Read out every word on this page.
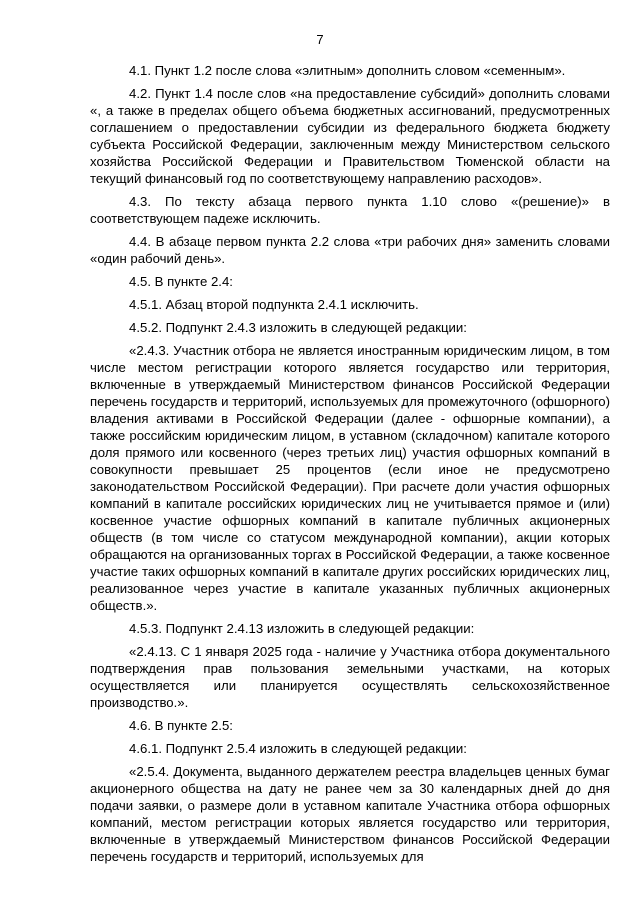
7

4.1. Пункт 1.2 после слова «элитным» дополнить словом «семенным».

4.2. Пункт 1.4 после слов «на предоставление субсидий» дополнить словами «, а также в пределах общего объема бюджетных ассигнований, предусмотренных соглашением о предоставлении субсидии из федерального бюджета бюджету субъекта Российской Федерации, заключенным между Министерством сельского хозяйства Российской Федерации и Правительством Тюменской области на текущий финансовый год по соответствующему направлению расходов».

4.3. По тексту абзаца первого пункта 1.10 слово «(решение)» в соответствующем падеже исключить.

4.4. В абзаце первом пункта 2.2 слова «три рабочих дня» заменить словами «один рабочий день».

4.5. В пункте 2.4:

4.5.1. Абзац второй подпункта 2.4.1 исключить.

4.5.2. Подпункт 2.4.3 изложить в следующей редакции:

«2.4.3. Участник отбора не является иностранным юридическим лицом, в том числе местом регистрации которого является государство или территория, включенные в утверждаемый Министерством финансов Российской Федерации перечень государств и территорий, используемых для промежуточного (офшорного) владения активами в Российской Федерации (далее - офшорные компании), а также российским юридическим лицом, в уставном (складочном) капитале которого доля прямого или косвенного (через третьих лиц) участия офшорных компаний в совокупности превышает 25 процентов (если иное не предусмотрено законодательством Российской Федерации). При расчете доли участия офшорных компаний в капитале российских юридических лиц не учитывается прямое и (или) косвенное участие офшорных компаний в капитале публичных акционерных обществ (в том числе со статусом международной компании), акции которых обращаются на организованных торгах в Российской Федерации, а также косвенное участие таких офшорных компаний в капитале других российских юридических лиц, реализованное через участие в капитале указанных публичных акционерных обществ.».

4.5.3. Подпункт 2.4.13 изложить в следующей редакции:

«2.4.13. С 1 января 2025 года - наличие у Участника отбора документального подтверждения прав пользования земельными участками, на которых осуществляется или планируется осуществлять сельскохозяйственное производство.».

4.6. В пункте 2.5:

4.6.1. Подпункт 2.5.4 изложить в следующей редакции:

«2.5.4. Документа, выданного держателем реестра владельцев ценных бумаг акционерного общества на дату не ранее чем за 30 календарных дней до дня подачи заявки, о размере доли в уставном капитале Участника отбора офшорных компаний, местом регистрации которых является государство или территория, включенные в утверждаемый Министерством финансов Российской Федерации перечень государств и территорий, используемых для
